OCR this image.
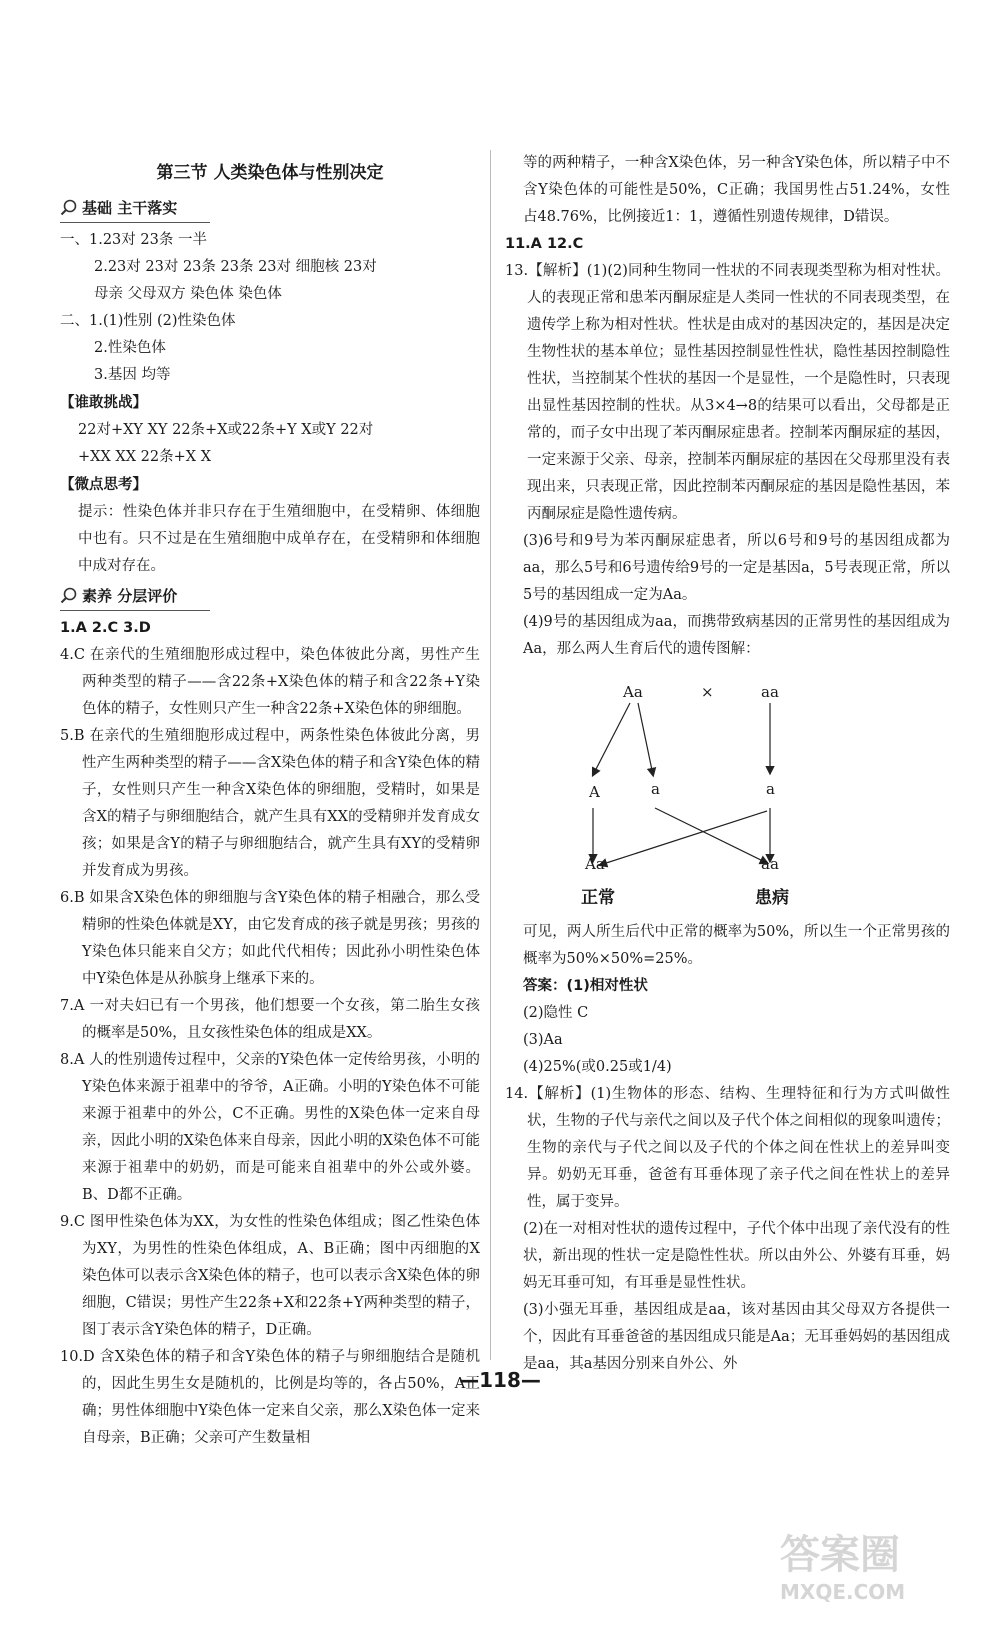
第三节 人类染色体与性别决定
基础 主干落实

一、1.23对 23条 一半

2.23对 23对 23条 23条 23对 细胞核 23对

母亲 父母双方 染色体 染色体

二、1.(1)性别 (2)性染色体

2.性染色体

3.基因 均等

【谁敢挑战】

22对+XY XY 22条+X或22条+Y X或Y 22对

+XX XX 22条+X X

【微点思考】

提示：性染色体并非只存在于生殖细胞中，在受精卵、体细胞中也有。只不过是在生殖细胞中成单存在，在受精卵和体细胞中成对存在。

素养 分层评价

1.A 2.C 3.D

4.C 在亲代的生殖细胞形成过程中，染色体彼此分离，男性产生两种类型的精子——含22条+X染色体的精子和含22条+Y染色体的精子，女性则只产生一种含22条+X染色体的卵细胞。

5.B 在亲代的生殖细胞形成过程中，两条性染色体彼此分离，男性产生两种类型的精子——含X染色体的精子和含Y染色体的精子，女性则只产生一种含X染色体的卵细胞，受精时，如果是含X的精子与卵细胞结合，就产生具有XX的受精卵并发育成女孩；如果是含Y的精子与卵细胞结合，就产生具有XY的受精卵并发育成为男孩。

6.B 如果含X染色体的卵细胞与含Y染色体的精子相融合，那么受精卵的性染色体就是XY，由它发育成的孩子就是男孩；男孩的Y染色体只能来自父方；如此代代相传；因此孙小明性染色体中Y染色体是从孙膑身上继承下来的。

7.A 一对夫妇已有一个男孩，他们想要一个女孩，第二胎生女孩的概率是50%，且女孩性染色体的组成是XX。

8.A 人的性别遗传过程中，父亲的Y染色体一定传给男孩，小明的Y染色体来源于祖辈中的爷爷，A正确。小明的Y染色体不可能来源于祖辈中的外公，C不正确。男性的X染色体一定来自母亲，因此小明的X染色体来自母亲，因此小明的X染色体不可能来源于祖辈中的奶奶，而是可能来自祖辈中的外公或外婆。B、D都不正确。

9.C 图甲性染色体为XX，为女性的性染色体组成；图乙性染色体为XY，为男性的性染色体组成，A、B正确；图中丙细胞的X染色体可以表示含X染色体的精子，也可以表示含X染色体的卵细胞，C错误；男性产生22条+X和22条+Y两种类型的精子，图丁表示含Y染色体的精子，D正确。

10.D 含X染色体的精子和含Y染色体的精子与卵细胞结合是随机的，因此生男生女是随机的，比例是均等的，各占50%，A正确；男性体细胞中Y染色体一定来自父亲，那么X染色体一定来自母亲，B正确；父亲可产生数量相

等的两种精子，一种含X染色体，另一种含Y染色体，所以精子中不含Y染色体的可能性是50%，C正确；我国男性占51.24%，女性占48.76%，比例接近1：1，遵循性别遗传规律，D错误。

11.A 12.C

13.【解析】(1)(2)同种生物同一性状的不同表现类型称为相对性状。人的表现正常和患苯丙酮尿症是人类同一性状的不同表现类型，在遗传学上称为相对性状。性状是由成对的基因决定的，基因是决定生物性状的基本单位；显性基因控制显性性状，隐性基因控制隐性性状，当控制某个性状的基因一个是显性，一个是隐性时，只表现出显性基因控制的性状。从3×4→8的结果可以看出，父母都是正常的，而子女中出现了苯丙酮尿症患者。控制苯丙酮尿症的基因，一定来源于父亲、母亲，控制苯丙酮尿症的基因在父母那里没有表现出来，只表现正常，因此控制苯丙酮尿症的基因是隐性基因，苯丙酮尿症是隐性遗传病。

(3)6号和9号为苯丙酮尿症患者，所以6号和9号的基因组成都为aa，那么5号和6号遗传给9号的一定是基因a，5号表现正常，所以5号的基因组成一定为Aa。

(4)9号的基因组成为aa，而携带致病基因的正常男性的基因组成为Aa，那么两人生育后代的遗传图解：

Aa	×	aa
A	a	a
Aa	aa
正常	患病

可见，两人所生后代中正常的概率为50%，所以生一个正常男孩的概率为50%×50%=25%。

答案：(1)相对性状

(2)隐性 C

(3)Aa

(4)25%(或0.25或1/4)

14.【解析】(1)生物体的形态、结构、生理特征和行为方式叫做性状，生物的子代与亲代之间以及子代个体之间相似的现象叫遗传；生物的亲代与子代之间以及子代的个体之间在性状上的差异叫变异。奶奶无耳垂，爸爸有耳垂体现了亲子代之间在性状上的差异性，属于变异。

(2)在一对相对性状的遗传过程中，子代个体中出现了亲代没有的性状，新出现的性状一定是隐性性状。所以由外公、外婆有耳垂，妈妈无耳垂可知，有耳垂是显性性状。

(3)小强无耳垂，基因组成是aa，该对基因由其父母双方各提供一个，因此有耳垂爸爸的基因组成只能是Aa；无耳垂妈妈的基因组成是aa，其a基因分别来自外公、外

—118—
答案圈
MXQE.COM
